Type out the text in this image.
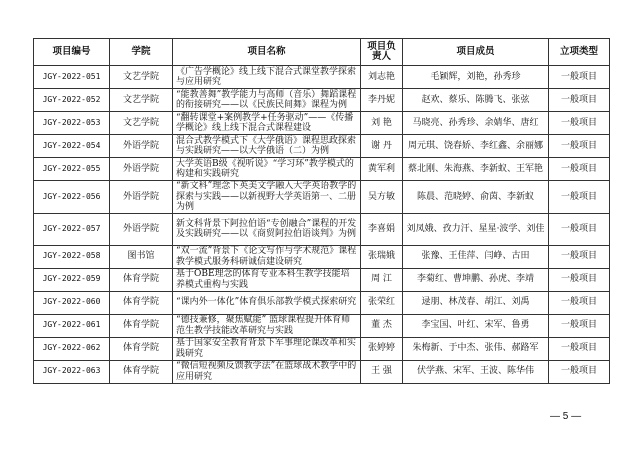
项目编号	学院	项目名称	项目负责人	项目成员	立项类型
JGY-2022-051	文艺学院	《广告学概论》线上线下混合式课堂教学探索与应用研究	刘志艳	毛颖辉，刘艳，孙秀珍	一般项目
JGY-2022-052	文艺学院	“能教善舞”教学能力与高师（音乐）舞蹈课程的衔接研究——以《民族民间舞》课程为例	李丹妮	赵欢、蔡乐、陈腾飞、张弦	一般项目
JGY-2022-053	文艺学院	“翻转课堂+案例教学+任务驱动”——《传播学概论》线上线下混合式课程建设	刘 艳	马晓亮、孙秀珍、余婧华、唐红	一般项目
JGY-2022-054	外语学院	混合式教学模式下《大学俄语》课程思政探索与实践研究——以大学俄语（二）为例	谢 丹	周元琪、饶春娇、李红鑫、余丽娜	一般项目
JGY-2022-055	外语学院	大学英语B级《视听说》“学习环”教学模式的构建和实践研究	黄军利	蔡北刚、朱海燕、李新蚁、王军艳	一般项目
JGY-2022-056	外语学院	“新文科”理念下英美文学融入大学英语教学的探索与实践——以新视野大学英语第一、二册为例	吴方敏	陈晨、范晓婷、俞茵、李新蚁	一般项目
JGY-2022-057	外语学院	新文科背景下阿拉伯语“专创融合”课程的开发及实践研究——以《商贸阿拉伯语谈判》为例	李喜娟	刘凤娥、孜力汗、星星·波学、刘佳	一般项目
JGY-2022-058	图书馆	“双一流”背景下《论文写作与学术规范》课程教学模式服务科研诚信建设研究	张瑞娥	张豫、王佳萍、闫峥、古田	一般项目
JGY-2022-059	体育学院	基于OBE理念的体育专业本科生教学技能培养模式重构与实践	周 江	李菊红、曹坤鹏、孙虎、李靖	一般项目
JGY-2022-060	体育学院	“课内外一体化”体育俱乐部教学模式探索研究	张荣红	逯朋、林茂春、胡江、刘禹	一般项目
JGY-2022-061	体育学院	“德技兼修，聚焦赋能” 篮球课程提升体育师范生教学技能改革研究与实践	董 杰	李宝国、叶红、宋军、鲁勇	一般项目
JGY-2022-062	体育学院	基于国家安全教育背景下军事理论课改革和实践研究	张婷婷	朱梅新、于中杰、张伟、郝路军	一般项目
JGY-2022-063	体育学院	“微信短视频反馈教学法”在篮球战术教学中的应用研究	王 强	伏学燕、宋军、王波、陈华伟	一般项目
— 5 —
